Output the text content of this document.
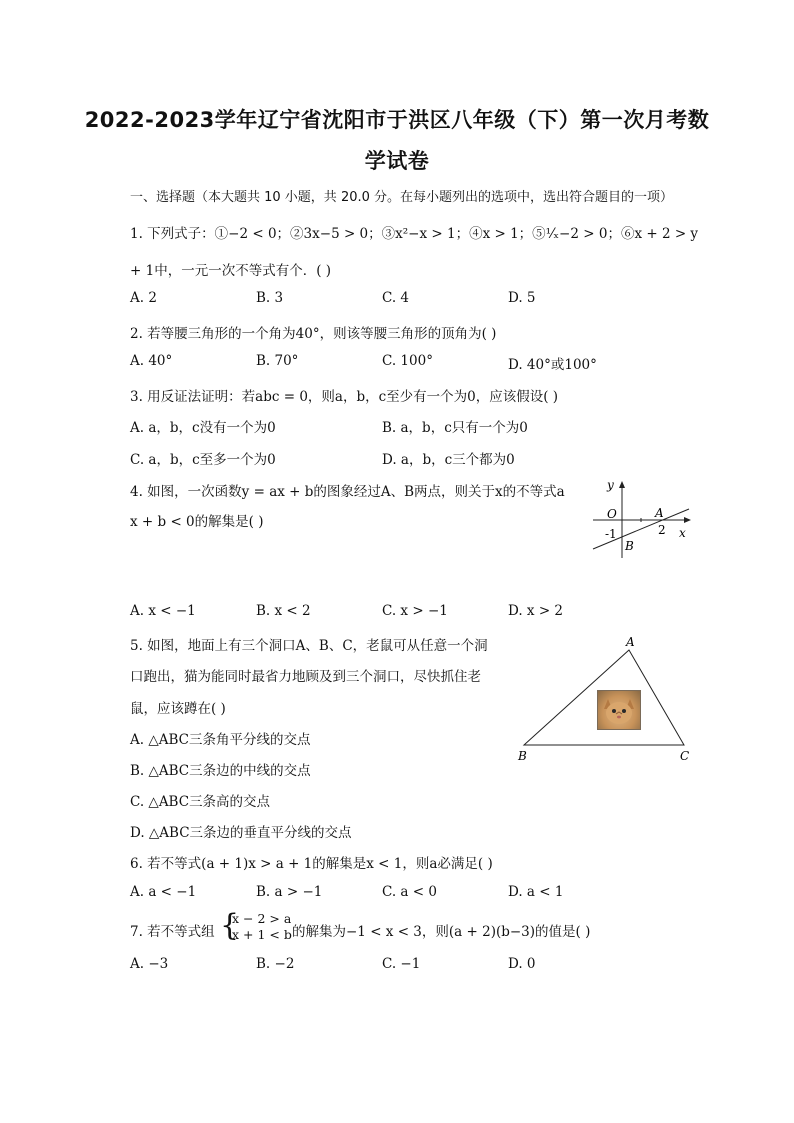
2022-2023学年辽宁省沈阳市于洪区八年级（下）第一次月考数
学试卷
一、选择题（本大题共 10 小题，共 20.0 分。在每小题列出的选项中，选出符合题目的一项）
1. 下列式子：①−2 < 0；②3x−5 > 0；③x²−x > 1；④x > 1；⑤¹⁄ₓ−2 > 0；⑥x + 2 > y
+ 1中，一元一次不等式有个．( )
A. 2	B. 3	C. 4	D. 5
2. 若等腰三角形的一个角为40°，则该等腰三角形的顶角为( )
A. 40°	B. 70°	C. 100°	D. 40°或100°
3. 用反证法证明：若abc = 0，则a，b，c至少有一个为0，应该假设( )
A. a，b，c没有一个为0	B. a，b，c只有一个为0
C. a，b，c至多一个为0	D. a，b，c三个都为0
4. 如图，一次函数y = ax + b的图象经过A、B两点，则关于x的不等式a
x + b < 0的解集是( )
y
O	A
-1	2
B
x
A. x < −1	B. x < 2	C. x > −1	D. x > 2
5. 如图，地面上有三个洞口A、B、C，老鼠可从任意一个洞
口跑出，猫为能同时最省力地顾及到三个洞口，尽快抓住老
鼠，应该蹲在( )
A
B	C
A. △ABC三条角平分线的交点
B. △ABC三条边的中线的交点
C. △ABC三条高的交点
D. △ABC三条边的垂直平分线的交点
6. 若不等式(a + 1)x > a + 1的解集是x < 1，则a必满足( )
A. a < −1	B. a > −1	C. a < 0	D. a < 1
7. 若不等式组 {
x − 2 > a
x + 1 < b 的解集为−1 < x < 3，则(a + 2)(b−3)的值是( )
A. −3	B. −2	C. −1	D. 0
